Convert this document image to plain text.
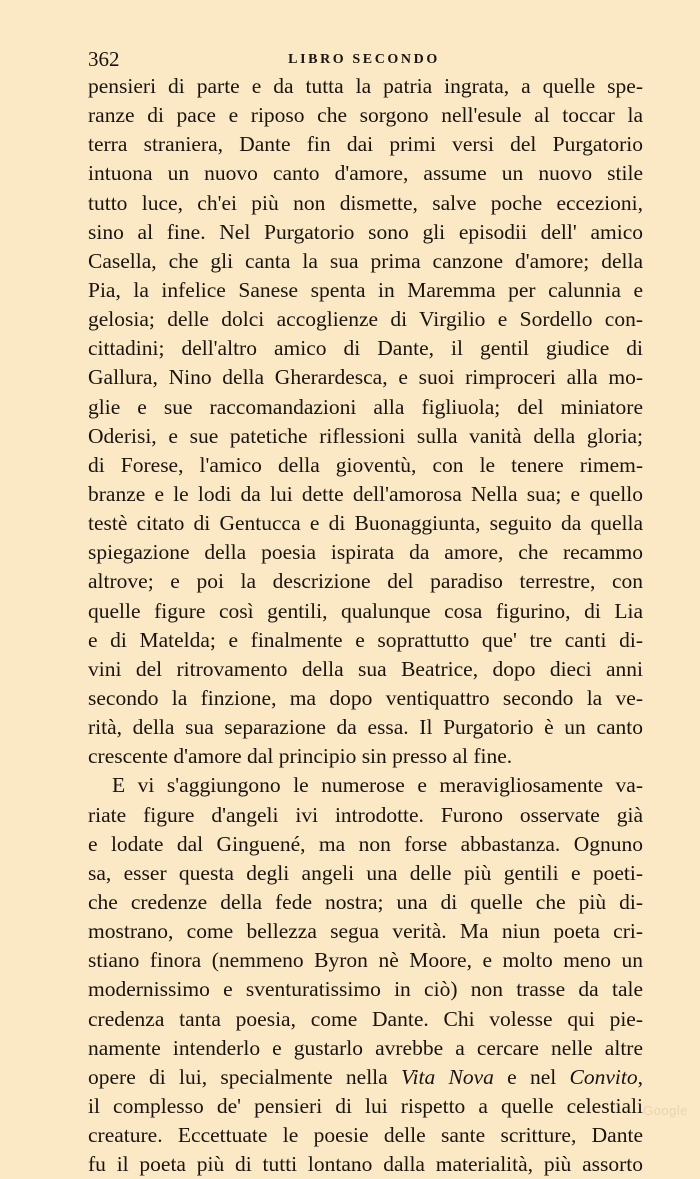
362	LIBRO SECONDO
pensieri di parte e da tutta la patria ingrata, a quelle spe-
ranze di pace e riposo che sorgono nell'esule al toccar la
terra straniera, Dante fin dai primi versi del Purgatorio
intuona un nuovo canto d'amore, assume un nuovo stile
tutto luce, ch'ei più non dismette, salve poche eccezioni,
sino al fine. Nel Purgatorio sono gli episodii dell' amico
Casella, che gli canta la sua prima canzone d'amore; della
Pia, la infelice Sanese spenta in Maremma per calunnia e
gelosia; delle dolci accoglienze di Virgilio e Sordello con-
cittadini; dell'altro amico di Dante, il gentil giudice di
Gallura, Nino della Gherardesca, e suoi rimproceri alla mo-
glie e sue raccomandazioni alla figliuola; del miniatore
Oderisi, e sue patetiche riflessioni sulla vanità della gloria;
di Forese, l'amico della gioventù, con le tenere rimem-
branze e le lodi da lui dette dell'amorosa Nella sua; e quello
testè citato di Gentucca e di Buonaggiunta, seguito da quella
spiegazione della poesia ispirata da amore, che recammo
altrove; e poi la descrizione del paradiso terrestre, con
quelle figure così gentili, qualunque cosa figurino, di Lia
e di Matelda; e finalmente e soprattutto que' tre canti di-
vini del ritrovamento della sua Beatrice, dopo dieci anni
secondo la finzione, ma dopo ventiquattro secondo la ve-
rità, della sua separazione da essa. Il Purgatorio è un canto
crescente d'amore dal principio sin presso al fine.
E vi s'aggiungono le numerose e meravigliosamente va-
riate figure d'angeli ivi introdotte. Furono osservate già
e lodate dal Ginguené, ma non forse abbastanza. Ognuno
sa, esser questa degli angeli una delle più gentili e poeti-
che credenze della fede nostra; una di quelle che più di-
mostrano, come bellezza segua verità. Ma niun poeta cri-
stiano finora (nemmeno Byron nè Moore, e molto meno un
modernissimo e sventuratissimo in ciò) non trasse da tale
credenza tanta poesia, come Dante. Chi volesse qui pie-
namente intenderlo e gustarlo avrebbe a cercare nelle altre
opere di lui, specialmente nella Vita Nova e nel Convito,
il complesso de' pensieri di lui rispetto a quelle celestiali
creature. Eccettuate le poesie delle sante scritture, Dante
fu il poeta più di tutti lontano dalla materialità, più assorto
Google
